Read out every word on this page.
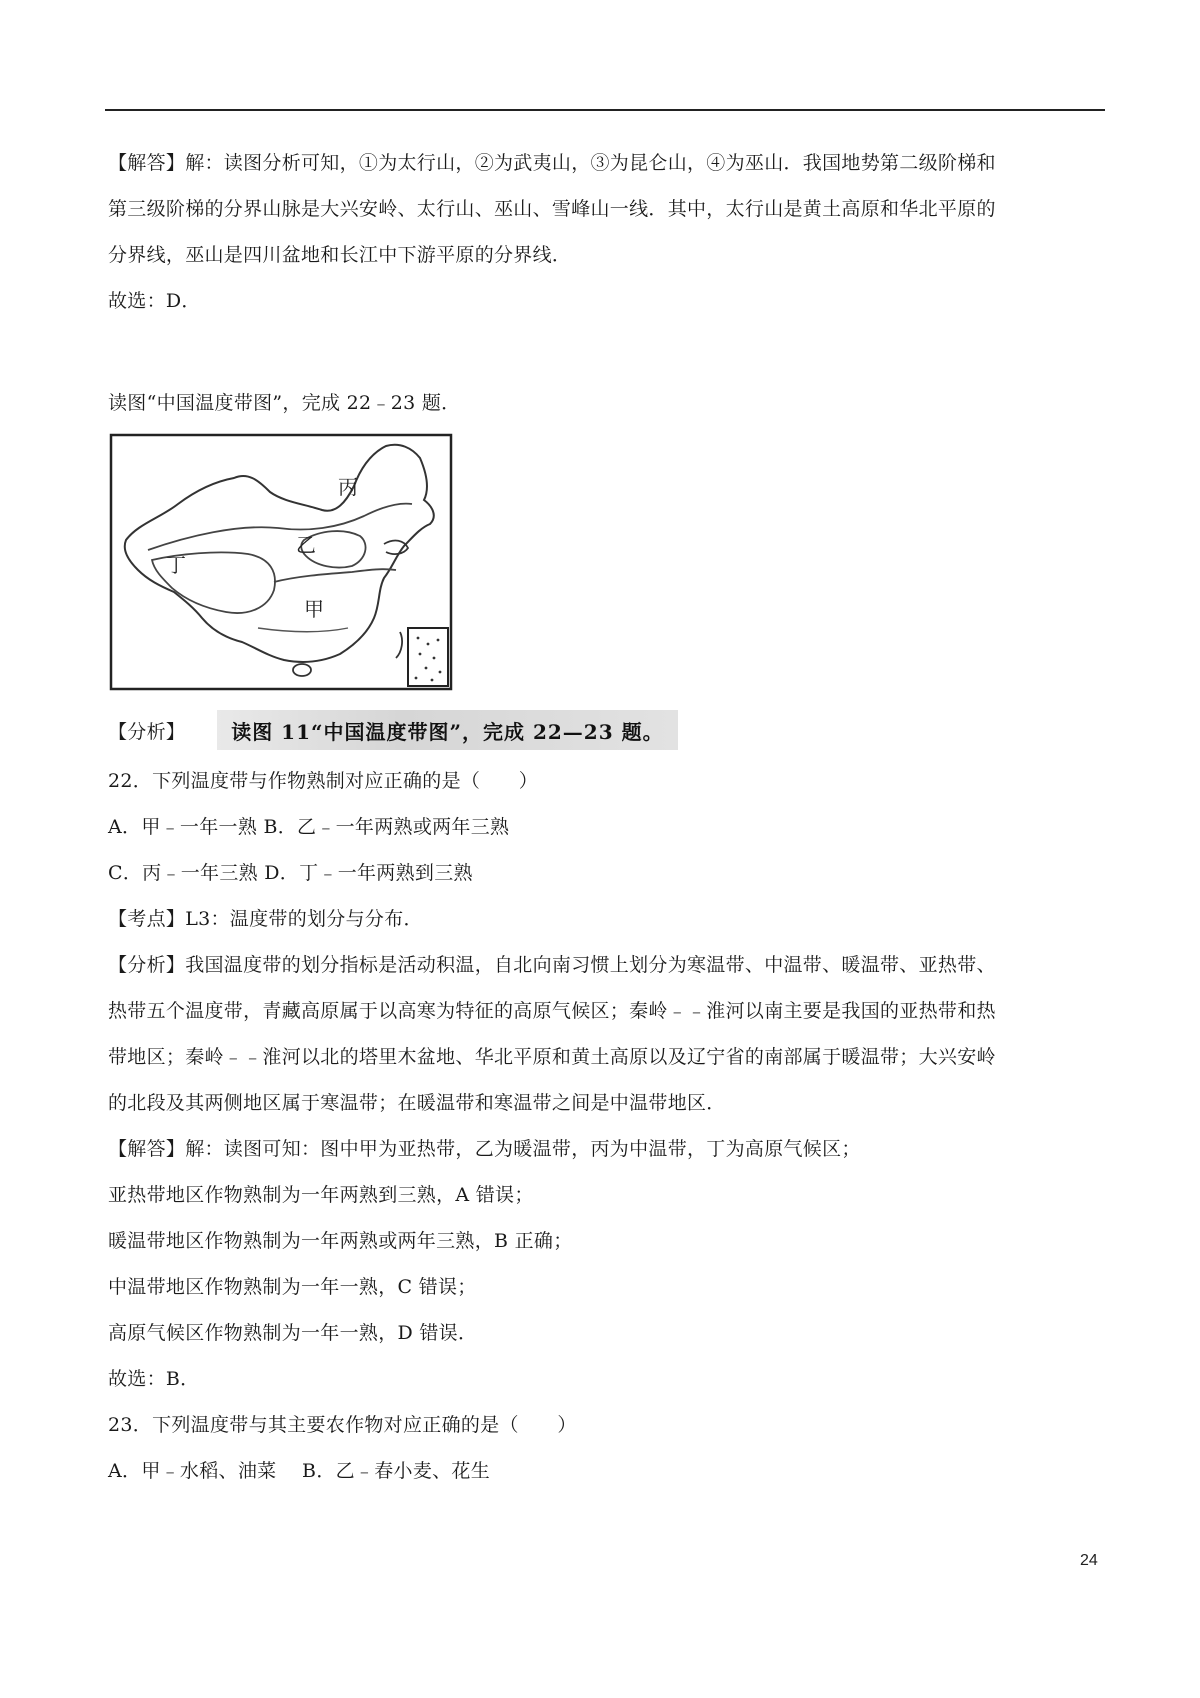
【解答】解：读图分析可知，①为太行山，②为武夷山，③为昆仑山，④为巫山．我国地势第二级阶梯和
第三级阶梯的分界山脉是大兴安岭、太行山、巫山、雪峰山一线．其中，太行山是黄土高原和华北平原的
分界线，巫山是四川盆地和长江中下游平原的分界线．
故选：D．
读图“中国温度带图”，完成 22﹣23 题．
丙
乙
丁
甲
【分析】	读图 11“中国温度带图”，完成 22—23 题。
22．下列温度带与作物熟制对应正确的是（　　）
A．甲﹣一年一熟 B．乙﹣一年两熟或两年三熟
C．丙﹣一年三熟 D．丁﹣一年两熟到三熟
【考点】L3：温度带的划分与分布．
【分析】我国温度带的划分指标是活动积温，自北向南习惯上划分为寒温带、中温带、暖温带、亚热带、
热带五个温度带，青藏高原属于以高寒为特征的高原气候区；秦岭﹣﹣淮河以南主要是我国的亚热带和热
带地区；秦岭﹣﹣淮河以北的塔里木盆地、华北平原和黄土高原以及辽宁省的南部属于暖温带；大兴安岭
的北段及其两侧地区属于寒温带；在暖温带和寒温带之间是中温带地区．
【解答】解：读图可知：图中甲为亚热带，乙为暖温带，丙为中温带，丁为高原气候区；
亚热带地区作物熟制为一年两熟到三熟，A 错误；
暖温带地区作物熟制为一年两熟或两年三熟，B 正确；
中温带地区作物熟制为一年一熟，C 错误；
高原气候区作物熟制为一年一熟，D 错误．
故选：B．
23．下列温度带与其主要农作物对应正确的是（　　）
A．甲﹣水稻、油菜　 B．乙﹣春小麦、花生
24
